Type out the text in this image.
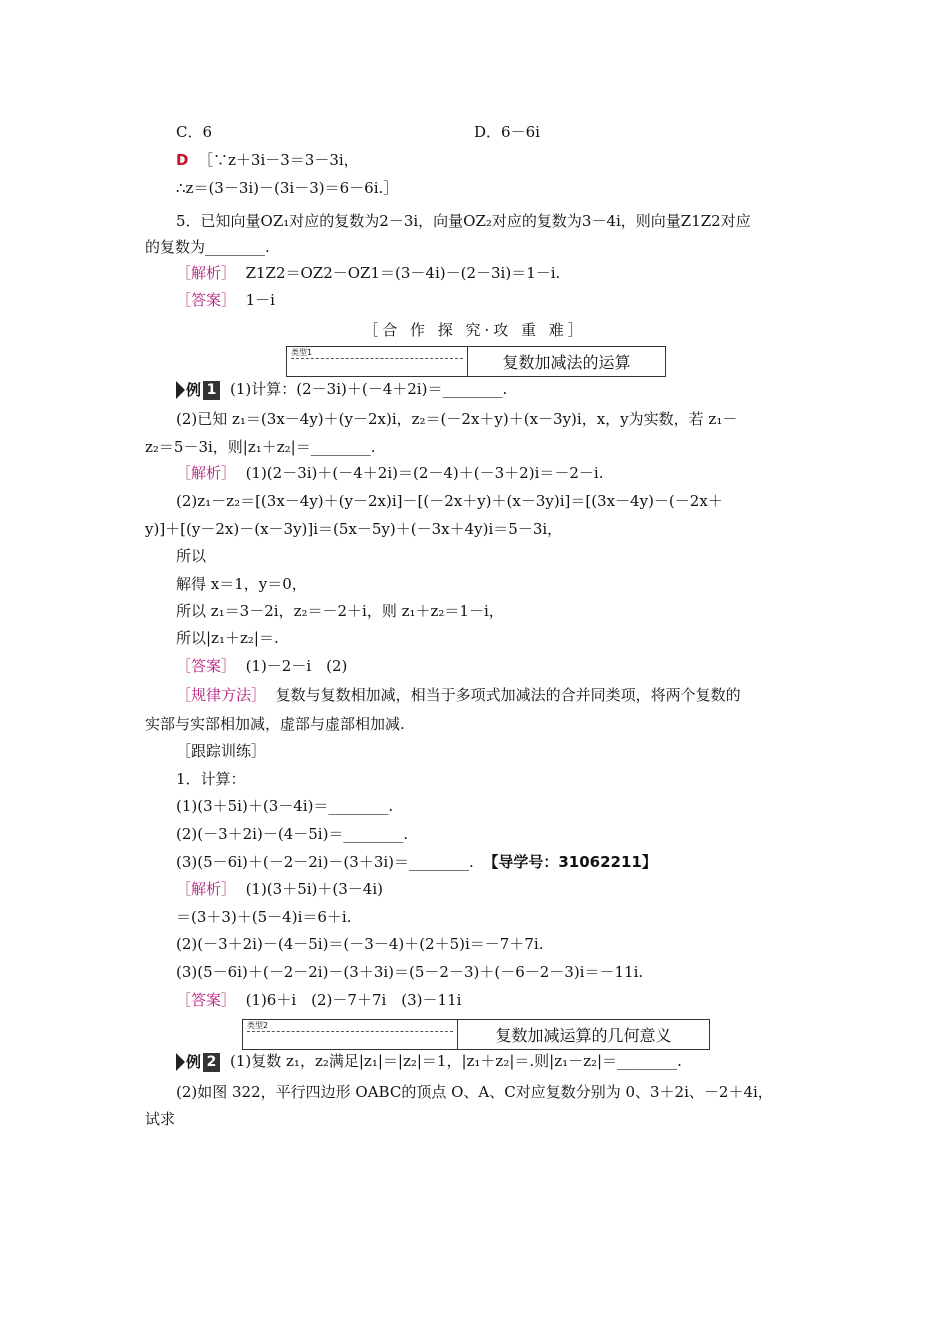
C．6	D．6－6i
D ［∵z＋3i－3＝3－3i，
∴z＝(3－3i)－(3i－3)＝6－6i.］
5．已知向量OZ₁对应的复数为2－3i，向量OZ₂对应的复数为3－4i，则向量Z1Z2对应
的复数为________.
［解析］ Z1Z2＝OZ2－OZ1＝(3－4i)－(2－3i)＝1－i.
［答案］ 1－i
［合 作 探 究·攻 重 难］
类型1
复数加减法的运算
例 1 (1)计算：(2－3i)＋(－4＋2i)＝________.
(2)已知 z₁＝(3x－4y)＋(y－2x)i，z₂＝(－2x＋y)＋(x－3y)i，x，y为实数，若 z₁－
z₂＝5－3i，则|z₁＋z₂|＝________.
［解析］ (1)(2－3i)＋(－4＋2i)＝(2－4)＋(－3＋2)i＝－2－i.
(2)z₁－z₂＝[(3x－4y)＋(y－2x)i]－[(－2x＋y)＋(x－3y)i]＝[(3x－4y)－(－2x＋
y)]＋[(y－2x)－(x－3y)]i＝(5x－5y)＋(－3x＋4y)i＝5－3i，
所以
解得 x＝1，y＝0，
所以 z₁＝3－2i，z₂＝－2＋i，则 z₁＋z₂＝1－i，
所以|z₁＋z₂|＝.
［答案］ (1)－2－i　(2)
［规律方法］ 复数与复数相加减，相当于多项式加减法的合并同类项，将两个复数的
实部与实部相加减，虚部与虚部相加减.
［跟踪训练］
1．计算：
(1)(3＋5i)＋(3－4i)＝________.
(2)(－3＋2i)－(4－5i)＝________.
(3)(5－6i)＋(－2－2i)－(3＋3i)＝________. 【导学号：31062211】
［解析］ (1)(3＋5i)＋(3－4i)
＝(3＋3)＋(5－4)i＝6＋i.
(2)(－3＋2i)－(4－5i)＝(－3－4)＋(2＋5)i＝－7＋7i.
(3)(5－6i)＋(－2－2i)－(3＋3i)＝(5－2－3)＋(－6－2－3)i＝－11i.
［答案］ (1)6＋i　(2)－7＋7i　(3)－11i
类型2
复数加减运算的几何意义
例 2 (1)复数 z₁，z₂满足|z₁|＝|z₂|＝1，|z₁＋z₂|＝.则|z₁－z₂|＝________.
(2)如图 322，平行四边形 OABC的顶点 O、A、C对应复数分别为 0、3＋2i、－2＋4i，
试求
